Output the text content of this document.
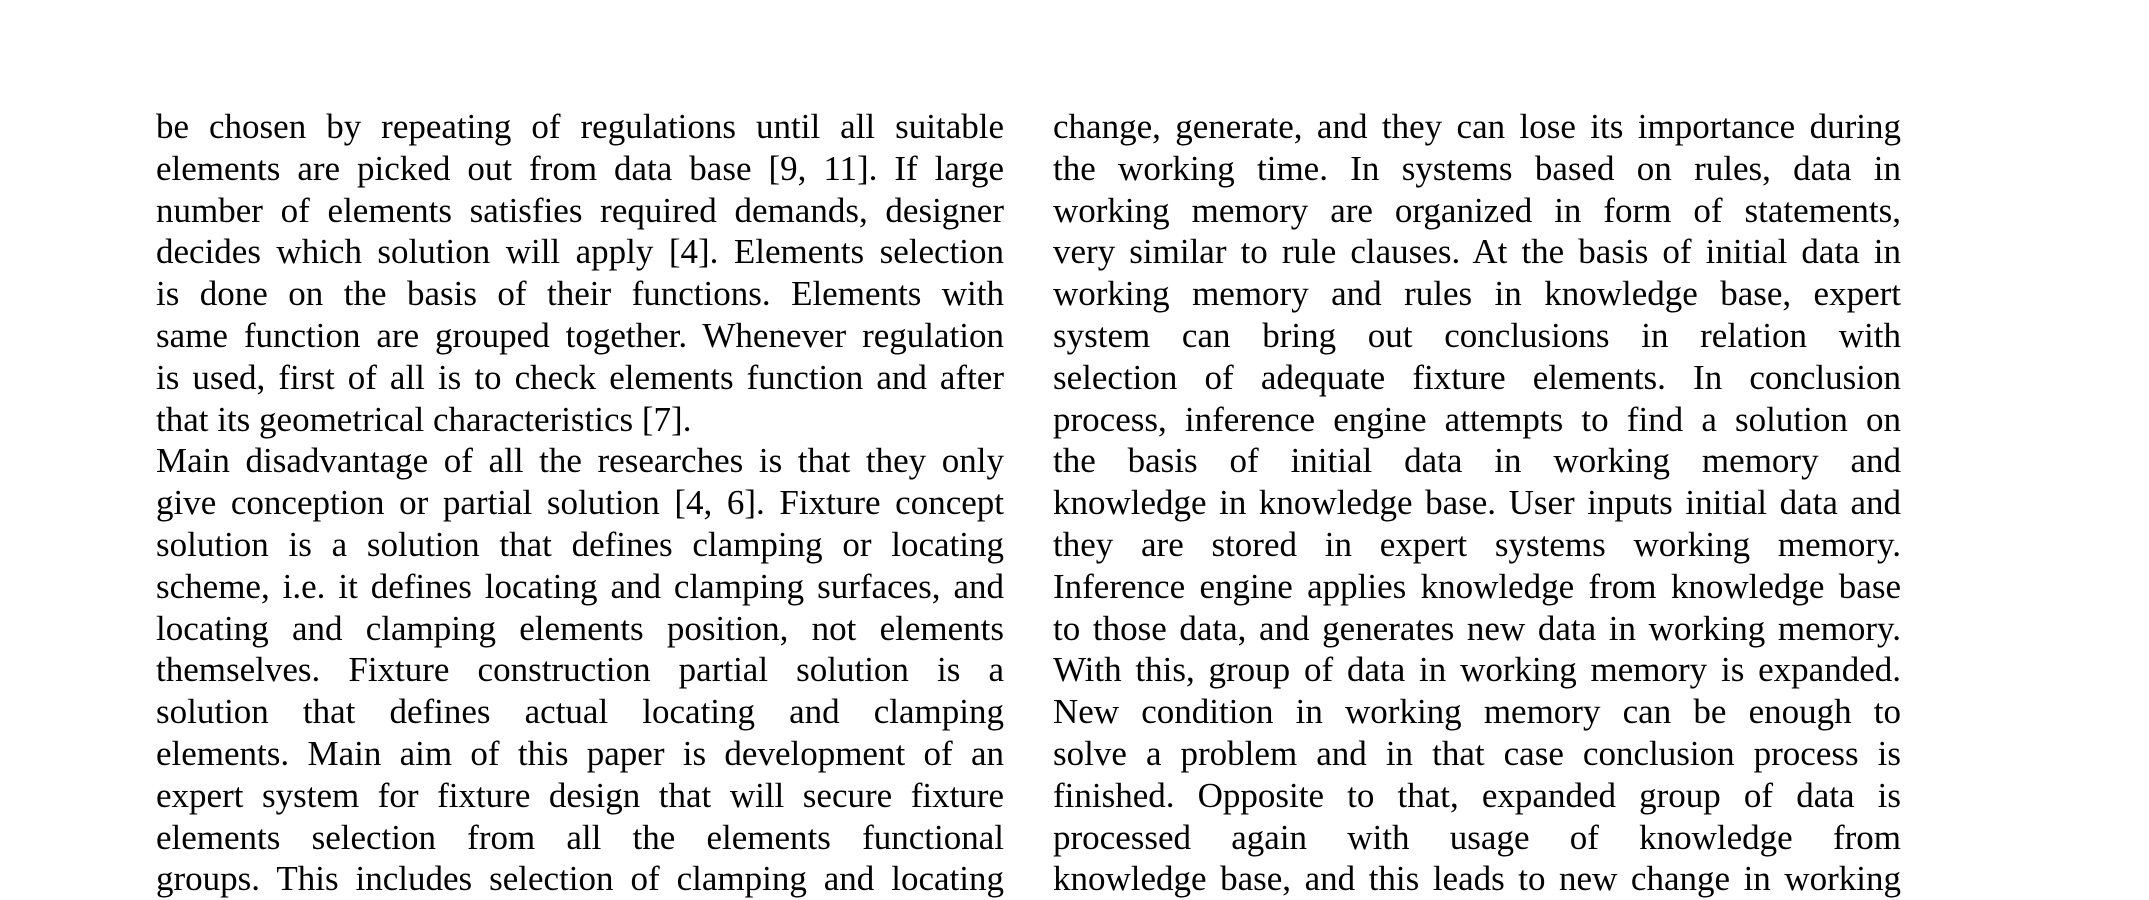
be chosen by repeating of regulations until all suitable
elements are picked out from data base [9, 11]. If large
number of elements satisfies required demands, designer
decides which solution will apply [4]. Elements selection
is done on the basis of their functions. Elements with
same function are grouped together. Whenever regulation
is used, first of all is to check elements function and after
that its geometrical characteristics [7].
Main disadvantage of all the researches is that they only
give conception or partial solution [4, 6]. Fixture concept
solution is a solution that defines clamping or locating
scheme, i.e. it defines locating and clamping surfaces, and
locating and clamping elements position, not elements
themselves. Fixture construction partial solution is a
solution that defines actual locating and clamping
elements. Main aim of this paper is development of an
expert system for fixture design that will secure fixture
elements selection from all the elements functional
groups. This includes selection of clamping and locating
change, generate, and they can lose its importance during
the working time. In systems based on rules, data in
working memory are organized in form of statements,
very similar to rule clauses. At the basis of initial data in
working memory and rules in knowledge base, expert
system can bring out conclusions in relation with
selection of adequate fixture elements. In conclusion
process, inference engine attempts to find a solution on
the basis of initial data in working memory and
knowledge in knowledge base. User inputs initial data and
they are stored in expert systems working memory.
Inference engine applies knowledge from knowledge base
to those data, and generates new data in working memory.
With this, group of data in working memory is expanded.
New condition in working memory can be enough to
solve a problem and in that case conclusion process is
finished. Opposite to that, expanded group of data is
processed again with usage of knowledge from
knowledge base, and this leads to new change in working
